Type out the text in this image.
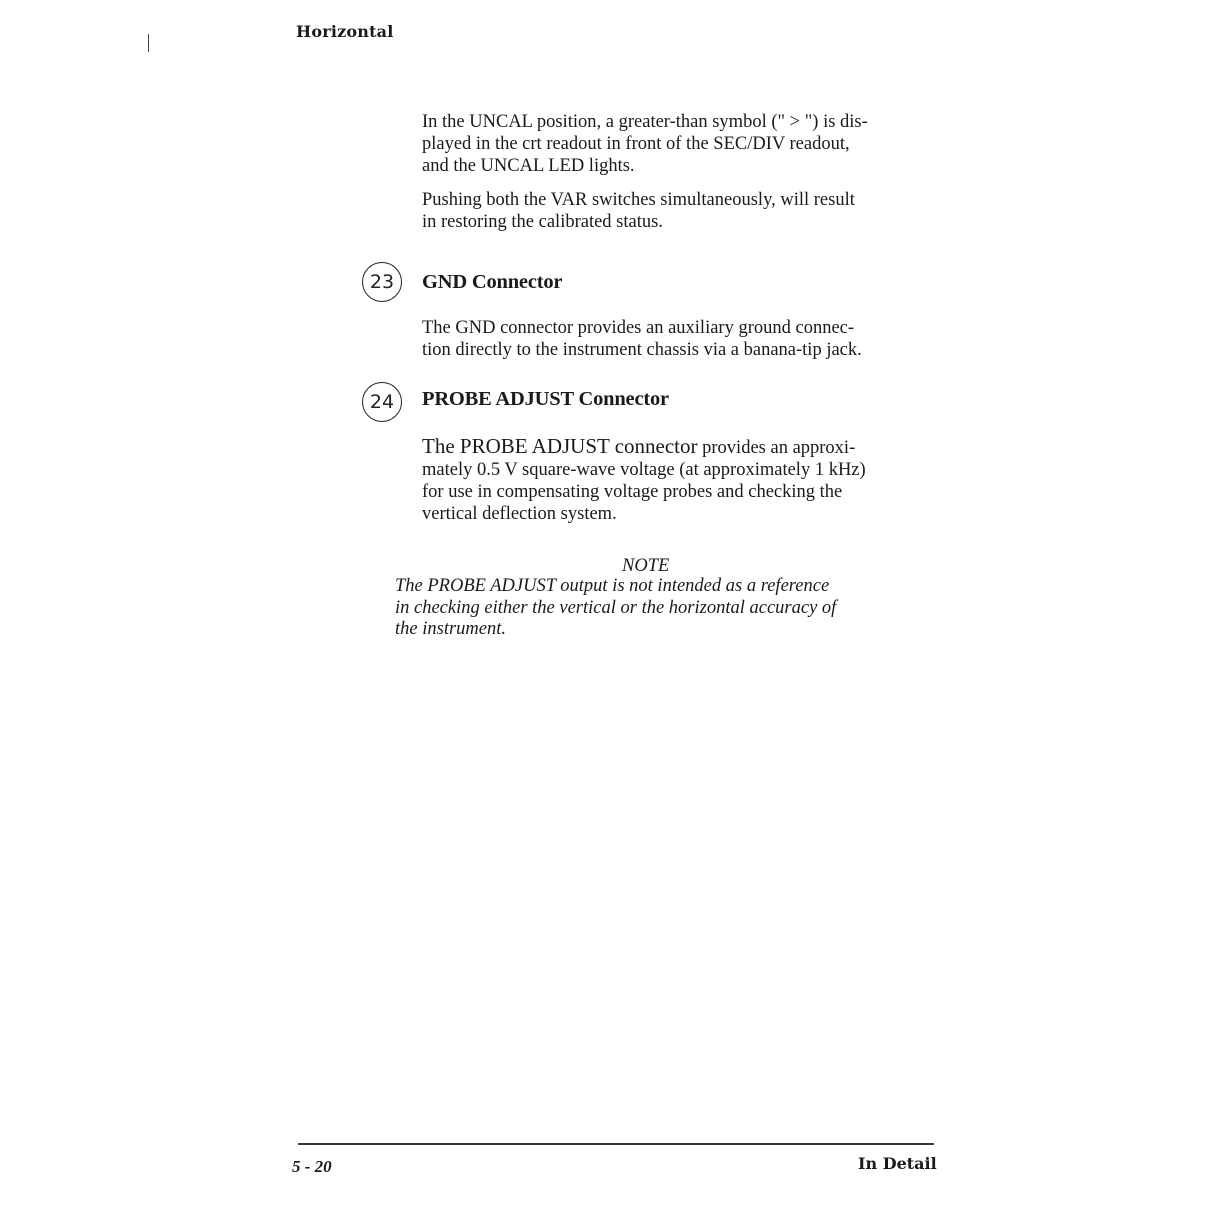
Horizontal

In the UNCAL position, a greater-than symbol (" > ") is dis-
played in the crt readout in front of the SEC/DIV readout,
and the UNCAL LED lights.

Pushing both the VAR switches simultaneously, will result
in restoring the calibrated status.

23 GND Connector

The GND connector provides an auxiliary ground connec-
tion directly to the instrument chassis via a banana-tip jack.

24 PROBE ADJUST Connector

The PROBE ADJUST connector provides an approxi-
mately 0.5 V square-wave voltage (at approximately 1 kHz)
for use in compensating voltage probes and checking the
vertical deflection system.

NOTE

The PROBE ADJUST output is not intended as a reference
in checking either the vertical or the horizontal accuracy of
the instrument.

5 - 20	In Detail
